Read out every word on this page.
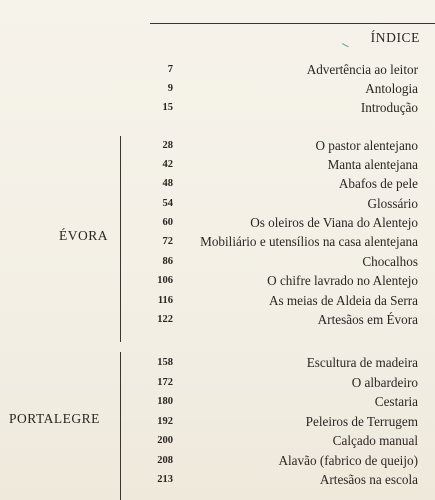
ÍNDICE
7	Advertência ao leitor
9	Antologia
15	Introdução
ÉVORA
28	O pastor alentejano
42	Manta alentejana
48	Abafos de pele
54	Glossário
60	Os oleiros de Viana do Alentejo
72 Mobiliário e utensílios na casa alentejana
86	Chocalhos
106	O chifre lavrado no Alentejo
116	As meias de Aldeia da Serra
122	Artesãos em Évora
PORTALEGRE
158	Escultura de madeira
172	O albardeiro
180	Cestaria
192	Peleiros de Terrugem
200	Calçado manual
208	Alavão (fabrico de queijo)
213	Artesãos na escola
